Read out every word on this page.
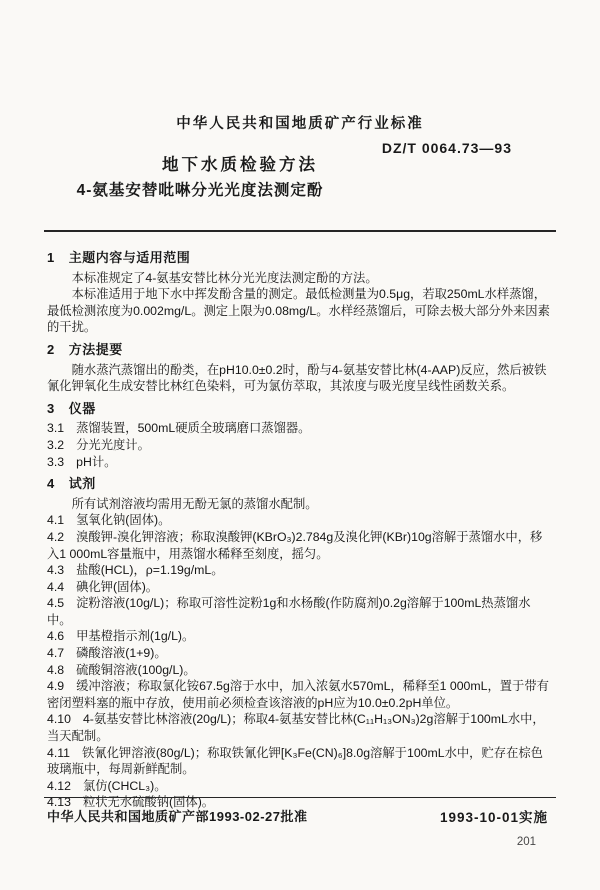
中华人民共和国地质矿产行业标准
DZ/T 0064.73—93
地下水质检验方法
4-氨基安替吡啉分光光度法测定酚
1 主题内容与适用范围

本标准规定了4-氨基安替比林分光光度法测定酚的方法。

本标准适用于地下水中挥发酚含量的测定。最低检测量为0.5μg，若取250mL水样蒸馏，最低检测浓度为0.002mg/L。测定上限为0.08mg/L。水样经蒸馏后，可除去极大部分外来因素的干扰。

2 方法提要

随水蒸汽蒸馏出的酚类，在pH10.0±0.2时，酚与4-氨基安替比林(4-AAP)反应，然后被铁氰化钾氧化生成安替比林红色染料，可为氯仿萃取，其浓度与吸光度呈线性函数关系。

3 仪器

3.1 蒸馏装置，500mL硬质全玻璃磨口蒸馏器。

3.2 分光光度计。

3.3 pH计。

4 试剂

所有试剂溶液均需用无酚无氯的蒸馏水配制。

4.1 氢氧化钠(固体)。

4.2 溴酸钾-溴化钾溶液；称取溴酸钾(KBrO₃)2.784g及溴化钾(KBr)10g溶解于蒸馏水中，移入1 000mL容量瓶中，用蒸馏水稀释至刻度，摇匀。

4.3 盐酸(HCL)，ρ=1.19g/mL。

4.4 碘化钾(固体)。

4.5 淀粉溶液(10g/L)；称取可溶性淀粉1g和水杨酸(作防腐剂)0.2g溶解于100mL热蒸馏水中。

4.6 甲基橙指示剂(1g/L)。

4.7 磷酸溶液(1+9)。

4.8 硫酸铜溶液(100g/L)。

4.9 缓冲溶液；称取氯化铵67.5g溶于水中，加入浓氨水570mL，稀释至1 000mL，置于带有密闭塑料塞的瓶中存放，使用前必须检查该溶液的pH应为10.0±0.2pH单位。

4.10 4-氨基安替比林溶液(20g/L)；称取4-氨基安替比林(C₁₁H₁₃ON₃)2g溶解于100mL水中，当天配制。

4.11 铁氰化钾溶液(80g/L)；称取铁氰化钾[K₃Fe(CN)₆]8.0g溶解于100mL水中，贮存在棕色玻璃瓶中，每周新鲜配制。

4.12 氯仿(CHCL₃)。

4.13 粒状无水硫酸钠(固体)。

中华人民共和国地质矿产部1993-02-27批准	1993-10-01实施
201
